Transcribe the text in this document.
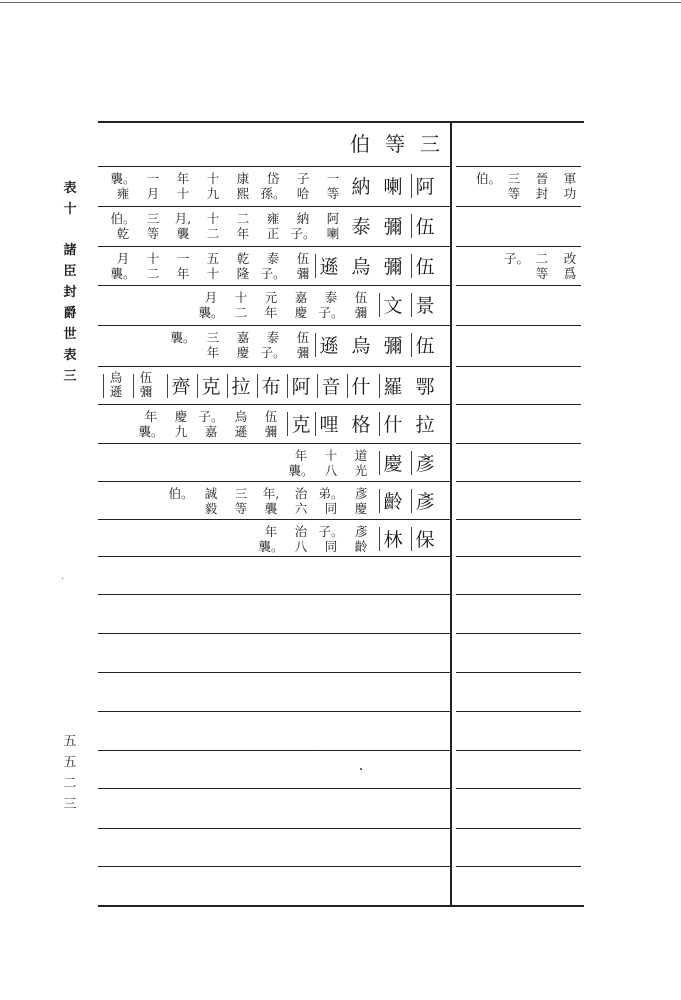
表
十
諸
臣
封
爵
世
表
三
五
五
二
三
阿
喇
納
一
等
子
哈
岱
孫。
康
熙
十
九
年
十
一
月
襲。
雍
伍
彌
泰
阿
喇
納
子。
雍
正
二
年
十
二
月,
襲
三
等
伯。
乾
伍
彌
烏
遜
伍
彌
泰
子。
乾
隆
五
十
一
年
十
二
月
襲。
景
文
伍
彌
泰
子。
嘉
慶
元
年
十
二
月
襲。
伍
彌
烏
遜
伍
彌
泰
子。
嘉
慶
三
年
襲。
鄂
羅
什
音
阿
布
拉
克
齊
伍彌
烏遜
拉
什
格
哩
克
伍
彌
烏
遜
子。
嘉
慶
九
年
襲。
彥
慶
道
光
十
八
年
襲。
彥
齡
彥
慶
弟。
同
治
六
年,
襲
三
等
誠
毅
伯。
保
林
彥
齡
子。
同
治
八
年
襲。
軍
功
晉
封
三
等
伯。
改
爲
二
等
子。
三
等
伯
